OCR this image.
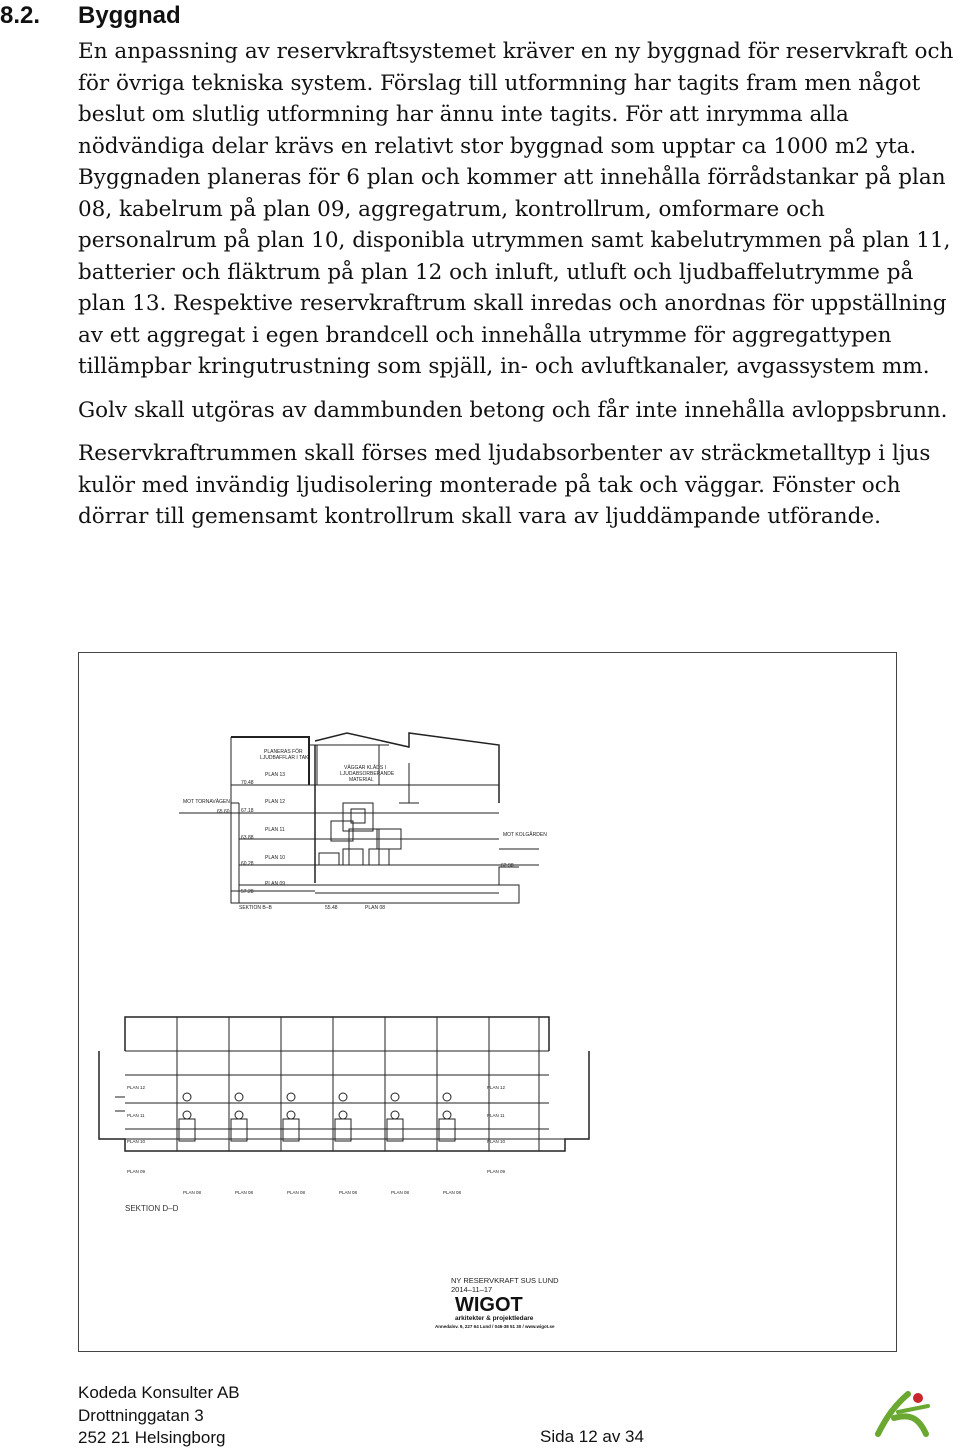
8.2. Byggnad

En anpassning av reservkraftsystemet kräver en ny byggnad för reservkraft och för övriga tekniska system. Förslag till utformning har tagits fram men något beslut om slutlig utformning har ännu inte tagits. För att inrymma alla nödvändiga delar krävs en relativt stor byggnad som upptar ca 1000 m2 yta. Byggnaden planeras för 6 plan och kommer att innehålla förrådstankar på plan 08, kabelrum på plan 09, aggregatrum, kontrollrum, omformare och personalrum på plan 10, disponibla utrymmen samt kabelutrymmen på plan 11, batterier och fläktrum på plan 12 och inluft, utluft och ljudbaffelutrymme på plan 13. Respektive reservkraftrum skall inredas och anordnas för uppställning av ett aggregat i egen brandcell och innehålla utrymme för aggregattypen tillämpbar kringutrustning som spjäll, in- och avluftkanaler, avgassystem mm.

Golv skall utgöras av dammbunden betong och får inte innehålla avloppsbrunn.

Reservkraftrummen skall förses med ljudabsorbenter av sträckmetalltyp i ljus kulör med invändig ljudisolering monterade på tak och väggar. Fönster och dörrar till gemensamt kontrollrum skall vara av ljuddämpande utförande.

PLANERAS FÖR
LJUDBAFFLAR I TAK
VÄGGAR KLÄDS I
LJUDABSORBERANDE
MATERIAL
PLAN 13
PLAN 12
PLAN 11
PLAN 10
PLAN 09
PLAN 08
70.48
67.18
63.88
60.28
57.28
55.48
65.60
62.98
MOT TORNAVÄGEN
MOT KOLGÅRDEN
SEKTION B–B
PLAN 12
PLAN 11
PLAN 10
PLAN 09
PLAN 12
PLAN 11
PLAN 10
PLAN 09
PLAN 08	PLAN 08	PLAN 08	PLAN 08	PLAN 08	PLAN 08
SEKTION D–D
NY RESERVKRAFT SUS LUND
2014–11–17
WIGOT
arkitekter & projektledare
Annedalsv. 9, 227 64 Lund / 046-38 51 30 / www.wigot.se
Kodeda Konsulter AB
Drottninggatan 3
252 21 Helsingborg	Sida 12 av 34
